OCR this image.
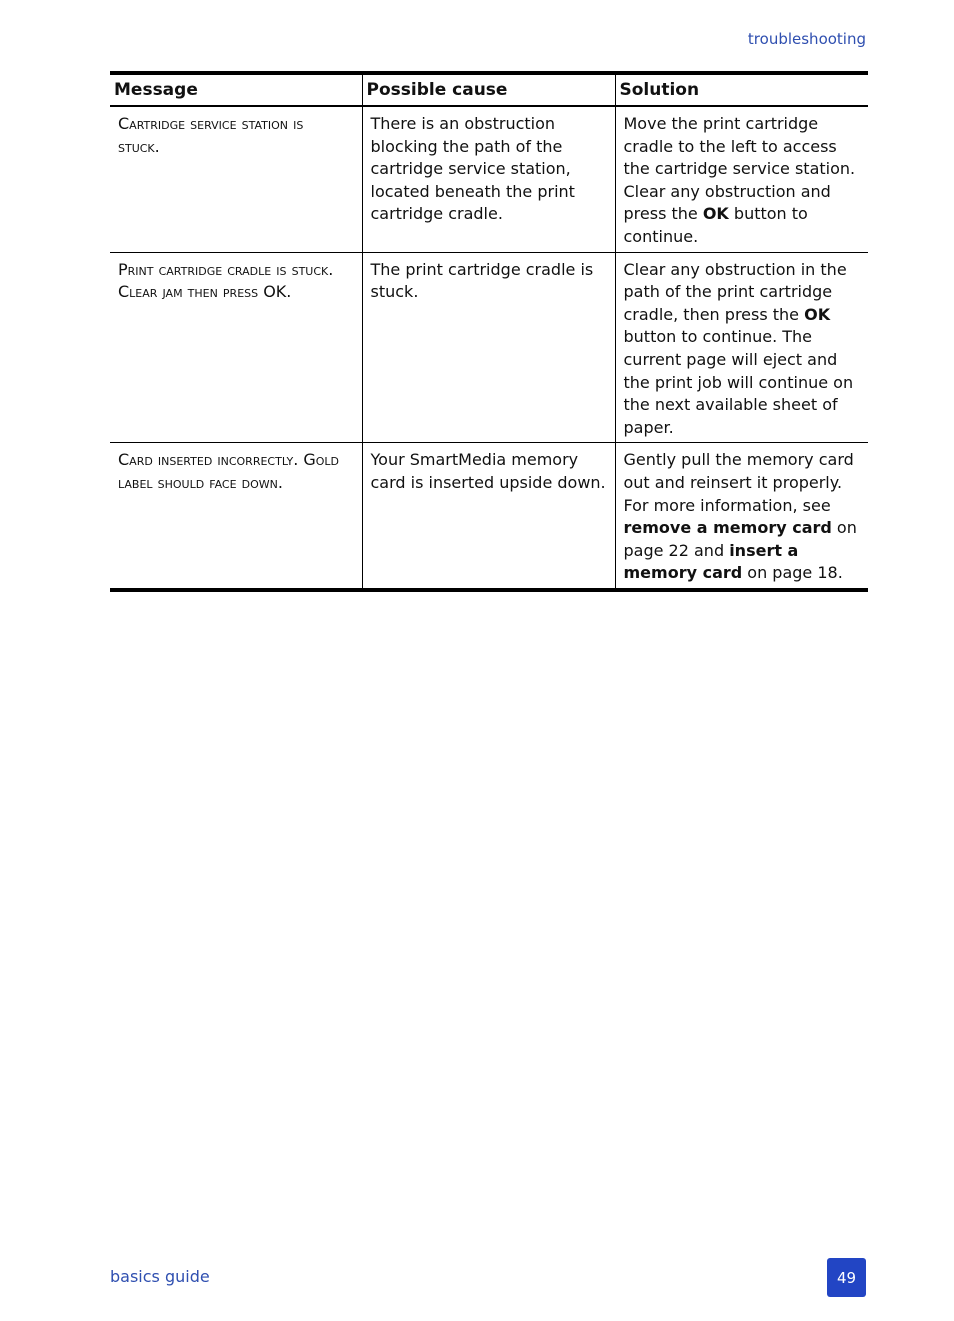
troubleshooting
Message	Possible cause	Solution
Cartridge service station is stuck.	There is an obstruction blocking the path of the cartridge service station, located beneath the print cartridge cradle.	Move the print cartridge cradle to the left to access the cartridge service station. Clear any obstruction and press the OK button to continue.
Print cartridge cradle is stuck. Clear jam then press OK.	The print cartridge cradle is stuck.	Clear any obstruction in the path of the print cartridge cradle, then press the OK button to continue. The current page will eject and the print job will continue on the next available sheet of paper.
Card inserted incorrectly. Gold label should face down.	Your SmartMedia memory card is inserted upside down.	Gently pull the memory card out and reinsert it properly. For more information, see remove a memory card on page 22 and insert a memory card on page 18.
basics guide	49
